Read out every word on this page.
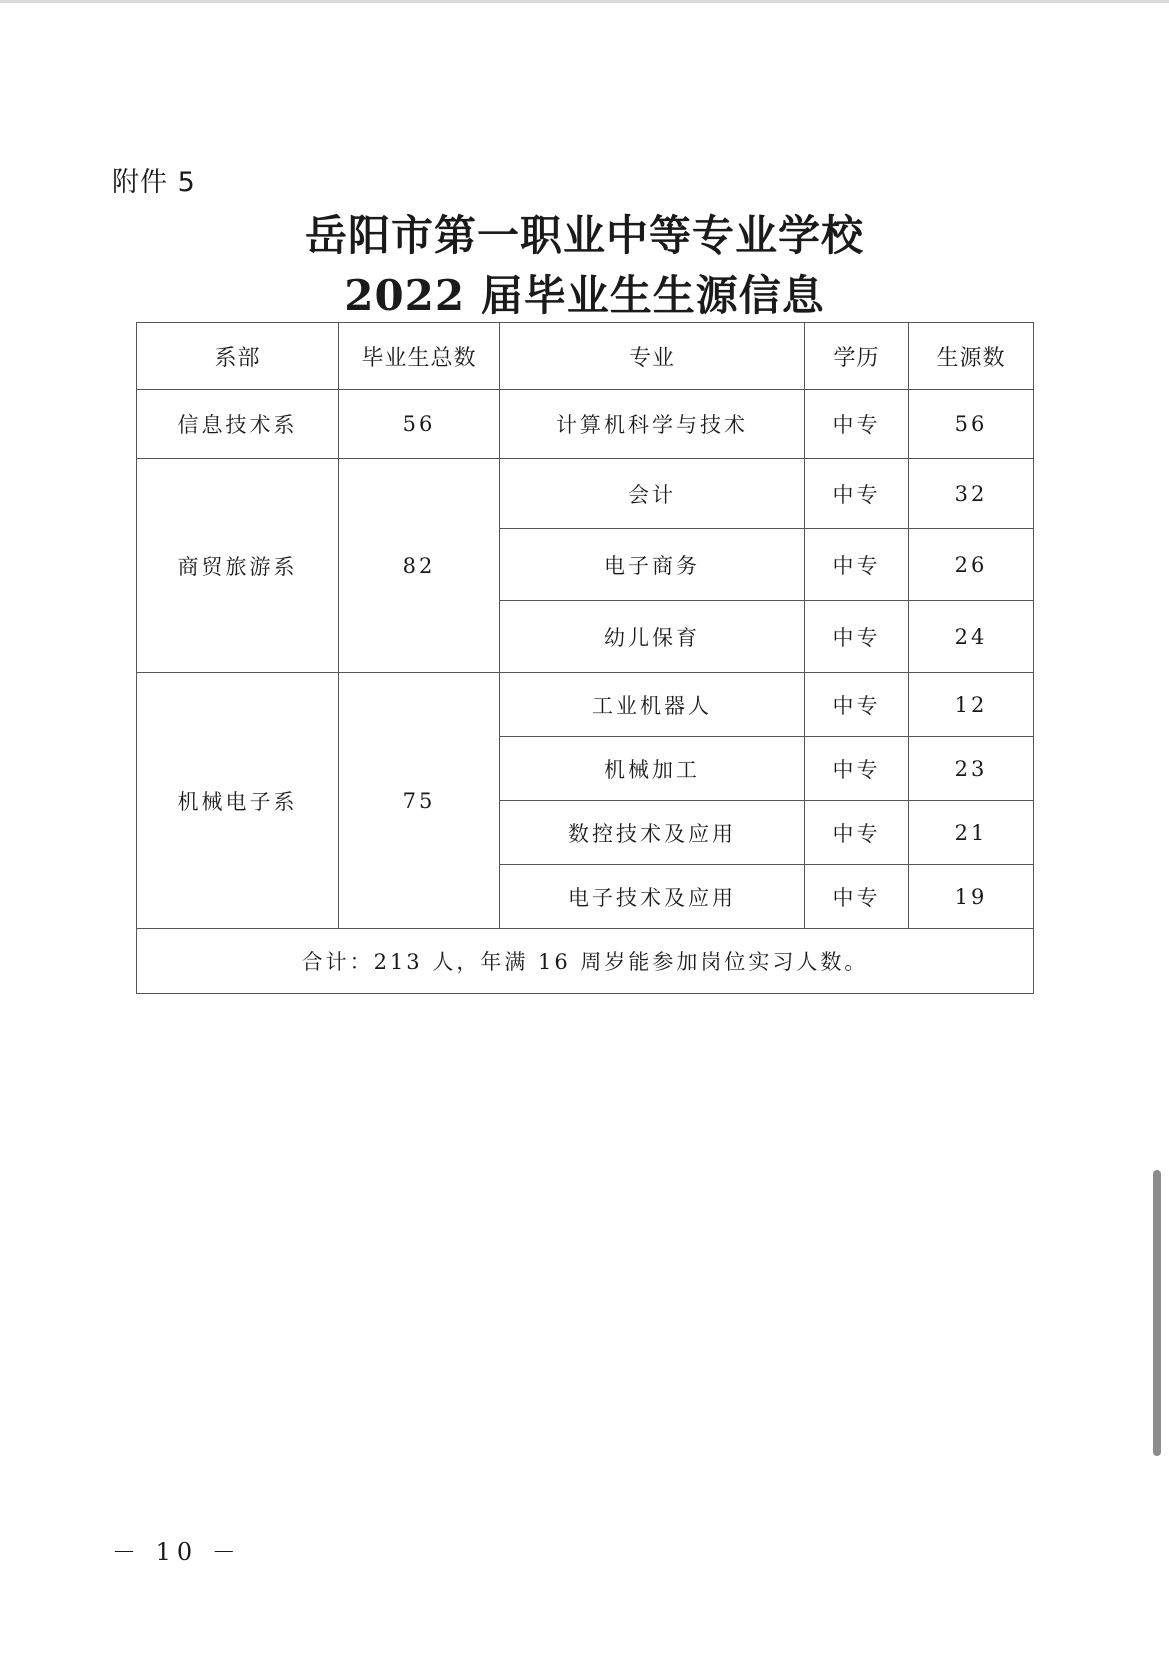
附件 5
岳阳市第一职业中等专业学校
2022 届毕业生生源信息
系部	毕业生总数	专业	学历	生源数
信息技术系	56	计算机科学与技术	中专	56
商贸旅游系	82	会计	中专	32
		电子商务	中专	26
		幼儿保育	中专	24
机械电子系	75	工业机器人	中专	12
		机械加工	中专	23
		数控技术及应用	中专	21
		电子技术及应用	中专	19
合计：213 人，年满 16 周岁能参加岗位实习人数。				
－ 10 －
